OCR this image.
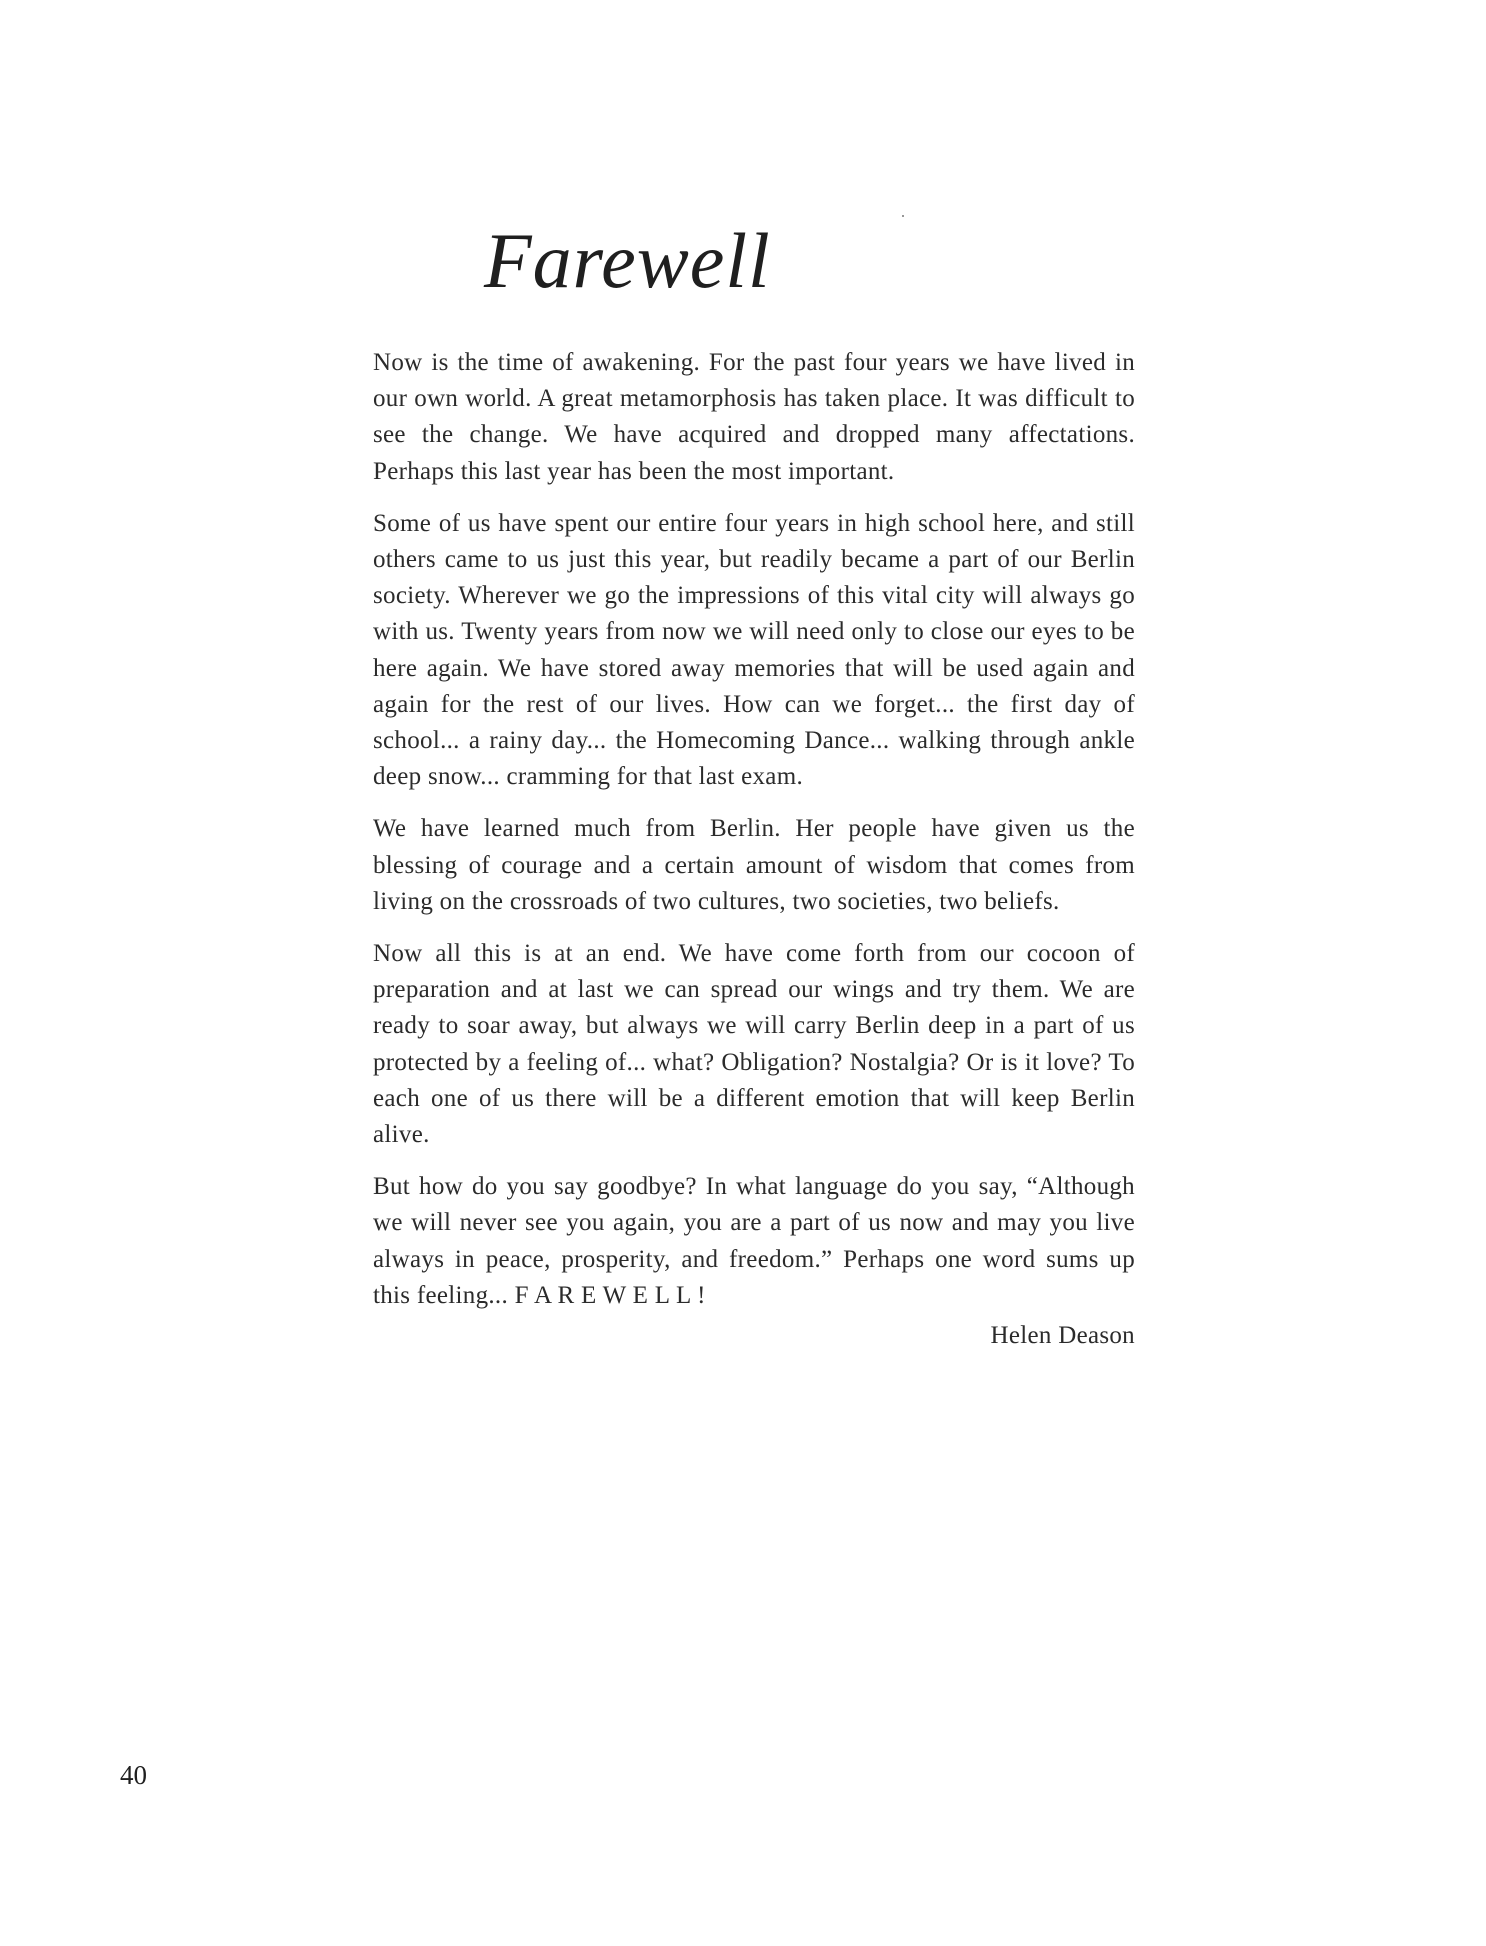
Farewell

Now is the time of awakening. For the past four years we have lived in our own world. A great metamorphosis has taken place. It was difficult to see the change. We have acquired and dropped many affectations. Perhaps this last year has been the most important.

Some of us have spent our entire four years in high school here, and still others came to us just this year, but readily became a part of our Berlin society. Wherever we go the impressions of this vital city will always go with us. Twenty years from now we will need only to close our eyes to be here again. We have stored away memories that will be used again and again for the rest of our lives. How can we forget... the first day of school... a rainy day... the Homecoming Dance... walking through ankle deep snow... cramming for that last exam.

We have learned much from Berlin. Her people have given us the blessing of courage and a certain amount of wisdom that comes from living on the crossroads of two cultures, two societies, two beliefs.

Now all this is at an end. We have come forth from our cocoon of preparation and at last we can spread our wings and try them. We are ready to soar away, but always we will carry Berlin deep in a part of us protected by a feeling of... what? Obligation? Nostalgia? Or is it love? To each one of us there will be a different emotion that will keep Berlin alive.

But how do you say goodbye? In what language do you say, “Although we will never see you again, you are a part of us now and may you live always in peace, prosperity, and freedom.” Perhaps one word sums up this feeling... F A R E W E L L !

Helen Deason

40
